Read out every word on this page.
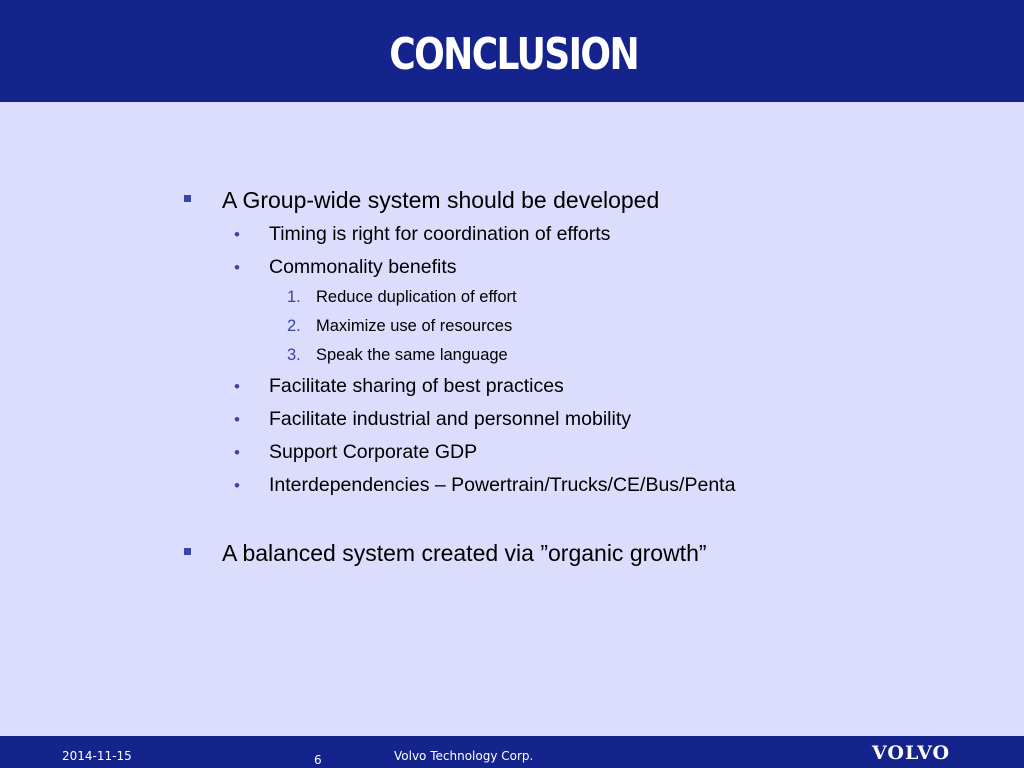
CONCLUSION
A Group-wide system should be developed
• Timing is right for coordination of efforts
• Commonality benefits
1. Reduce duplication of effort
2. Maximize use of resources
3. Speak the same language
• Facilitate sharing of best practices
• Facilitate industrial and personnel mobility
• Support Corporate GDP
• Interdependencies – Powertrain/Trucks/CE/Bus/Penta
A balanced system created via ”organic growth”
2014-11-15	6	Volvo Technology Corp.	VOLVO
